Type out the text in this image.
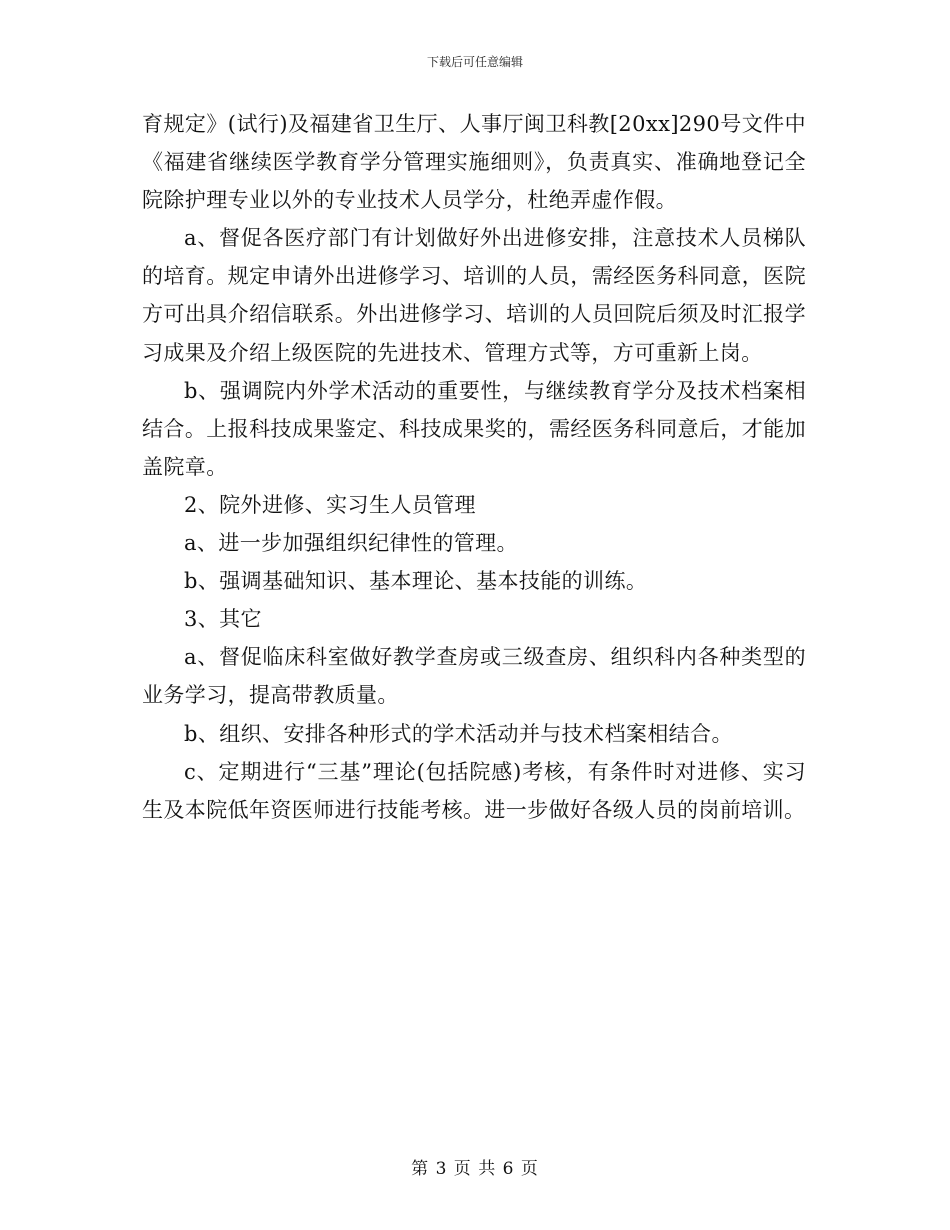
下载后可任意编辑

育规定》(试行)及福建省卫生厅、人事厅闽卫科教[20xx]290号文件中《福建省继续医学教育学分管理实施细则》，负责真实、准确地登记全院除护理专业以外的专业技术人员学分，杜绝弄虚作假。

a、督促各医疗部门有计划做好外出进修安排，注意技术人员梯队的培育。规定申请外出进修学习、培训的人员，需经医务科同意，医院方可出具介绍信联系。外出进修学习、培训的人员回院后须及时汇报学习成果及介绍上级医院的先进技术、管理方式等，方可重新上岗。

b、强调院内外学术活动的重要性，与继续教育学分及技术档案相结合。上报科技成果鉴定、科技成果奖的，需经医务科同意后，才能加盖院章。

2、院外进修、实习生人员管理

a、进一步加强组织纪律性的管理。

b、强调基础知识、基本理论、基本技能的训练。

3、其它

a、督促临床科室做好教学查房或三级查房、组织科内各种类型的业务学习，提高带教质量。

b、组织、安排各种形式的学术活动并与技术档案相结合。

c、定期进行“三基”理论(包括院感)考核，有条件时对进修、实习生及本院低年资医师进行技能考核。进一步做好各级人员的岗前培训。

第 3 页 共 6 页
